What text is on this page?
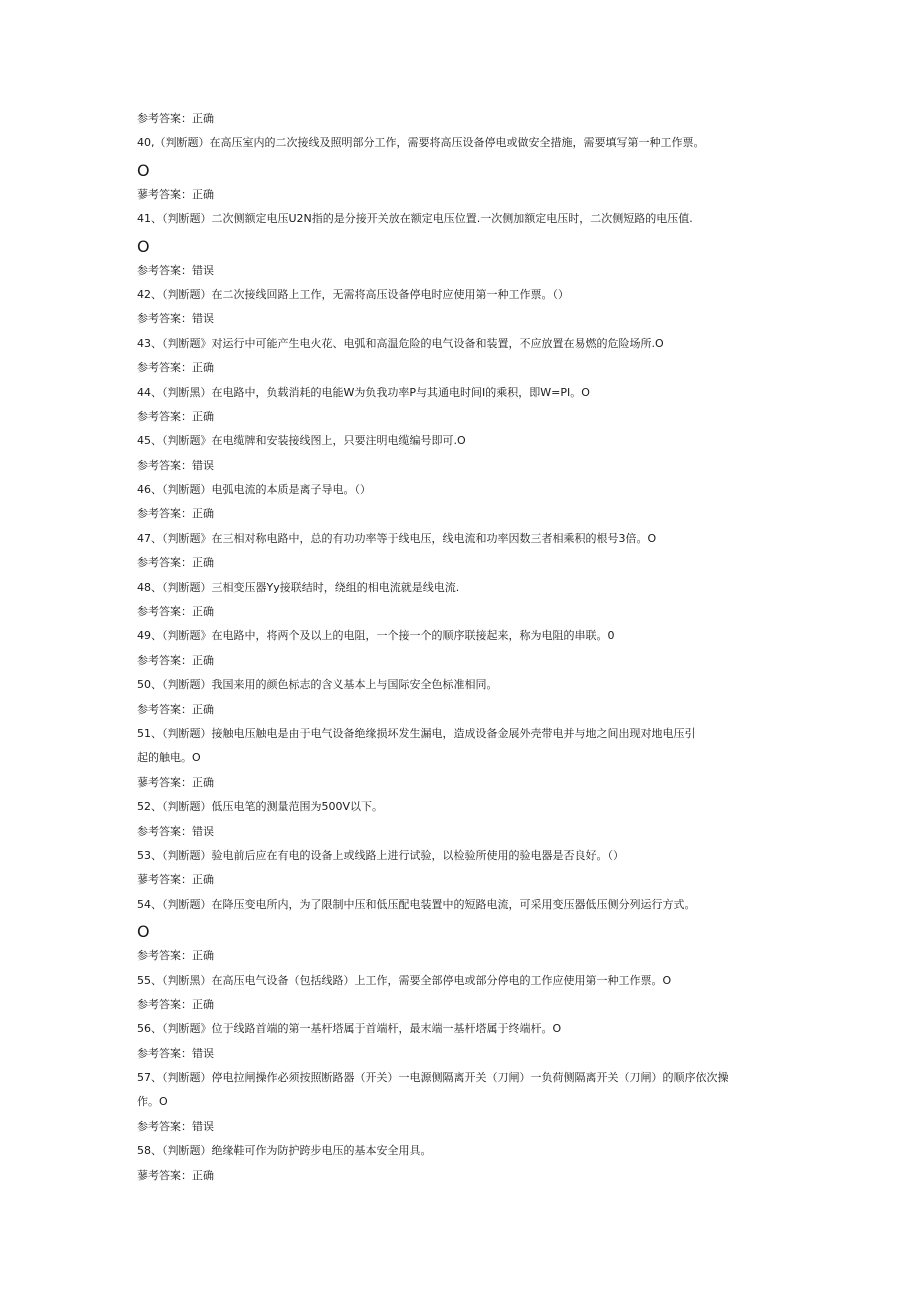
参考答案：正确
40,（判断题）在高压室内的二次接线及照明部分工作，需要将高压设备停电或做安全措施，需要填写第一种工作票。
O
蓼考答案：正确
41、（判断题）二次侧额定电压U2N指的是分接开关放在额定电压位置.一次侧加额定电压时，二次侧短路的电压值.
O
参考答案：错误
42、（判断题）在二次接线回路上工作，无需将高压设备停电时应使用第一种工作票。（）
参考答案：错误
43、（判断题》对运行中可能产生电火花、电弧和高温危险的电气设备和装置，不应放置在易燃的危险场所.O
参考答案：正确
44、（判断黑）在电路中，负载消耗的电能W为负我功率P与其通电时间I的乘积，即W=PI。O
参考答案：正确
45、（判断题》在电缆牌和安装接线图上，只要注明电缆编号即可.O
参考答案：错误
46、（判断题）电弧电流的本质是离子导电。（）
参考答案：正确
47、（判断题》在三相对称电路中，总的有功功率等于线电压，线电流和功率因数三者相乘积的根号3倍。O
参考答案：正确
48、（判断题）三相变压器Yy接联结时，绕组的相电流就是线电流.
参考答案：正确
49、（判断题》在电路中，将两个及以上的电阻，一个接一个的顺序联接起来，称为电阻的串联。0
参考答案：正确
50、（判断题）我国来用的颜色标志的含义基本上与国际安全色标准相同。
参考答案：正确
51、（判断题）接触电压触电是由于电气设备绝缘损坏发生漏电，造成设备金展外壳带电并与地之间出现对地电压引
起的触电。O
蓼考答案：正确
52、（判断题）低压电笔的测量范围为500V以下。
参考答案：错误
53、（判断题）验电前后应在有电的设备上或线路上进行试验，以检验所使用的验电器是否良好。（）
蓼考答案：正确
54、（判断题）在降压变电所内，为了限制中压和低压配电装置中的短路电流，可采用变压器低压侧分列运行方式。
O
参考答案：正确
55、（判断黑）在高压电气设备（包括线路）上工作，需要全部停电或部分停电的工作应使用第一种工作票。O
参考答案：正确
56、（判断题》位于线路首端的第一基杆塔属于首端杆，最末端一基杆塔属于终端杆。O
参考答案：错误
57、（判断题）停电拉闸操作必须按照断路器（开关）一电源侧隔离开关（刀闸）一负荷侧隔离开关（刀闸）的顺序依次操
作。O
参考答案：错误
58、（判断题）绝缘鞋可作为防护跨步电压的基本安全用具。
蓼考答案：正确
